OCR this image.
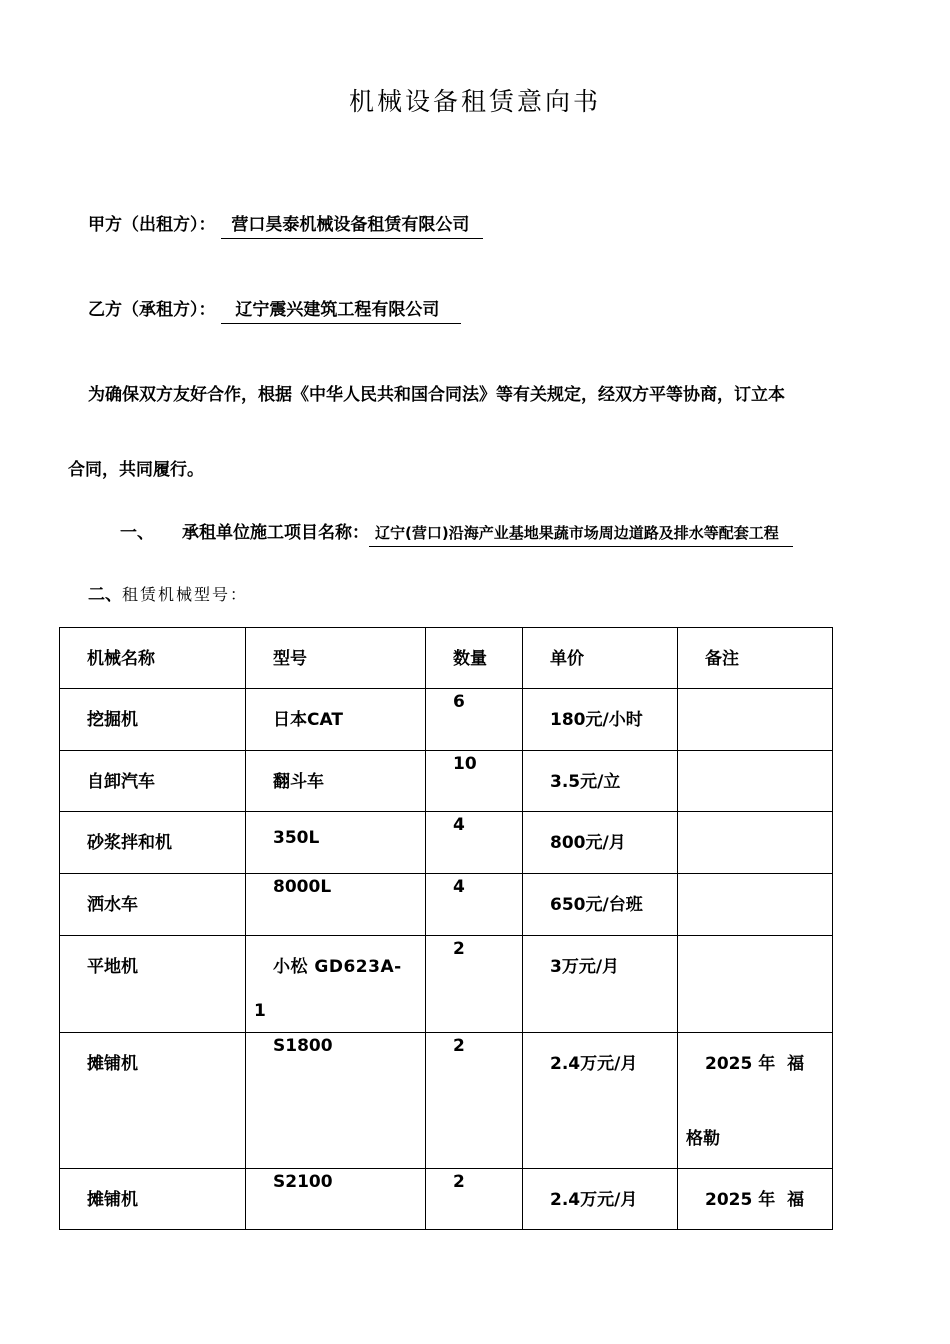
机械设备租赁意向书
甲方（出租方）： 营口昊泰机械设备租赁有限公司
乙方（承租方）： 辽宁震兴建筑工程有限公司
为确保双方友好合作，根据《中华人民共和国合同法》等有关规定，经双方平等协商，订立本
合同，共同履行。
一、 承租单位施工项目名称： 辽宁(营口)沿海产业基地果蔬市场周边道路及排水等配套工程
二、租赁机械型号：
机械名称	型号	数量	单价	备注

挖掘机	日本CAT	6	180元/小时	

自卸汽车	翻斗车	10	3.5元/立	

砂浆拌和机	350L	4	800元/月	

洒水车	8000L	4	650元/台班	

平地机	小松 GD623A-
1	2	3万元/月	

摊铺机	S1800	2	2.4万元/月	2025 年  福
格勒

摊铺机	S2100	2	2.4万元/月	2025 年  福
